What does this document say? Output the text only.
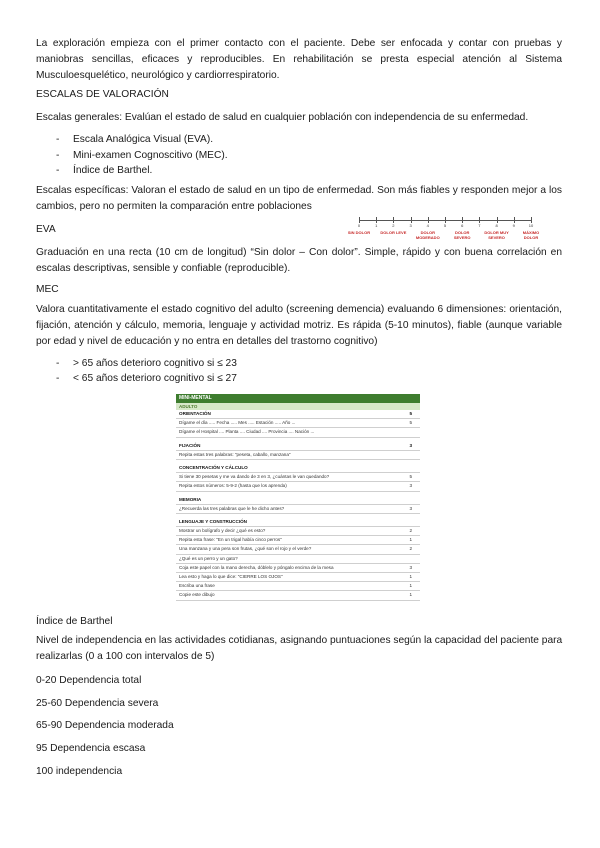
La exploración empieza con el primer contacto con el paciente. Debe ser enfocada y contar con pruebas y maniobras sencillas, eficaces y reproducibles. En rehabilitación se presta especial atención al Sistema Musculoesquelético, neurológico y cardiorrespiratorio.

ESCALAS DE VALORACIÓN

Escalas generales: Evalúan el estado de salud en cualquier población con independencia de su enfermedad.

-	Escala Analógica Visual (EVA).
-	Mini-examen Cognoscitivo (MEC).
-	Índice de Barthel.

Escalas específicas: Valoran el estado de salud en un tipo de enfermedad. Son más fiables y responden mejor a los cambios, pero no permiten la comparación entre poblaciones

EVA	0	1	2	3	4	5	6	7	8	9	10
SIN DOLOR	DOLOR LEVE	DOLOR MODERADO
DOLOR SEVERO
DOLOR MUY SEVERO
MÁXIMO DOLOR

Graduación en una recta (10 cm de longitud) “Sin dolor – Con dolor”. Simple, rápido y con buena correlación en escalas descriptivas, sensible y confiable (reproducible).

MEC

Valora cuantitativamente el estado cognitivo del adulto (screening demencia) evaluando 6 dimensiones: orientación, fijación, atención y cálculo, memoria, lenguaje y actividad motriz. Es rápida (5-10 minutos), fiable (aunque variable por edad y nivel de educación y no entra en detalles del trastorno cognitivo)

-	> 65 años deterioro cognitivo si ≤ 23
-	< 65 años deterioro cognitivo si ≤ 27
MINI-MENTAL
ADULTO
ORIENTACIÓN	5
Dígame el día ..... Fecha ..... Mes ..... Estación ..... Año ...	5
Dígame el Hospital .... Planta .... Ciudad .... Provincia .... Nación ...
FIJACIÓN	3
Repita estas tres palabras: "peseta, caballo, manzana"
CONCENTRACIÓN Y CÁLCULO
Si tiene 30 pesetas y me va dando de 3 en 3, ¿cuántas le van quedando?	5
Repita estos números: 5-9-2 (hasta que los aprenda)	3
MEMORIA
¿Recuerda las tres palabras que le he dicho antes?	3
LENGUAJE Y CONSTRUCCIÓN
Mostrar un bolígrafo y decir ¿qué es esto?	2
Repita esta frase: "En un trigal había cinco perros"	1
Una manzana y una pera son frutas, ¿qué son el rojo y el verde?	2
¿Qué es un perro y un gato?
Coja este papel con la mano derecha, dóblelo y póngalo encima de la mesa	3
Lea esto y haga lo que dice: "CIERRE LOS OJOS"	1
Escriba una frase	1
Copie este dibujo	1

Índice de Barthel

Nivel de independencia en las actividades cotidianas, asignando puntuaciones según la capacidad del paciente para realizarlas (0 a 100 con intervalos de 5)

0-20 Dependencia total

25-60 Dependencia severa

65-90 Dependencia moderada

95 Dependencia escasa

100 independencia
